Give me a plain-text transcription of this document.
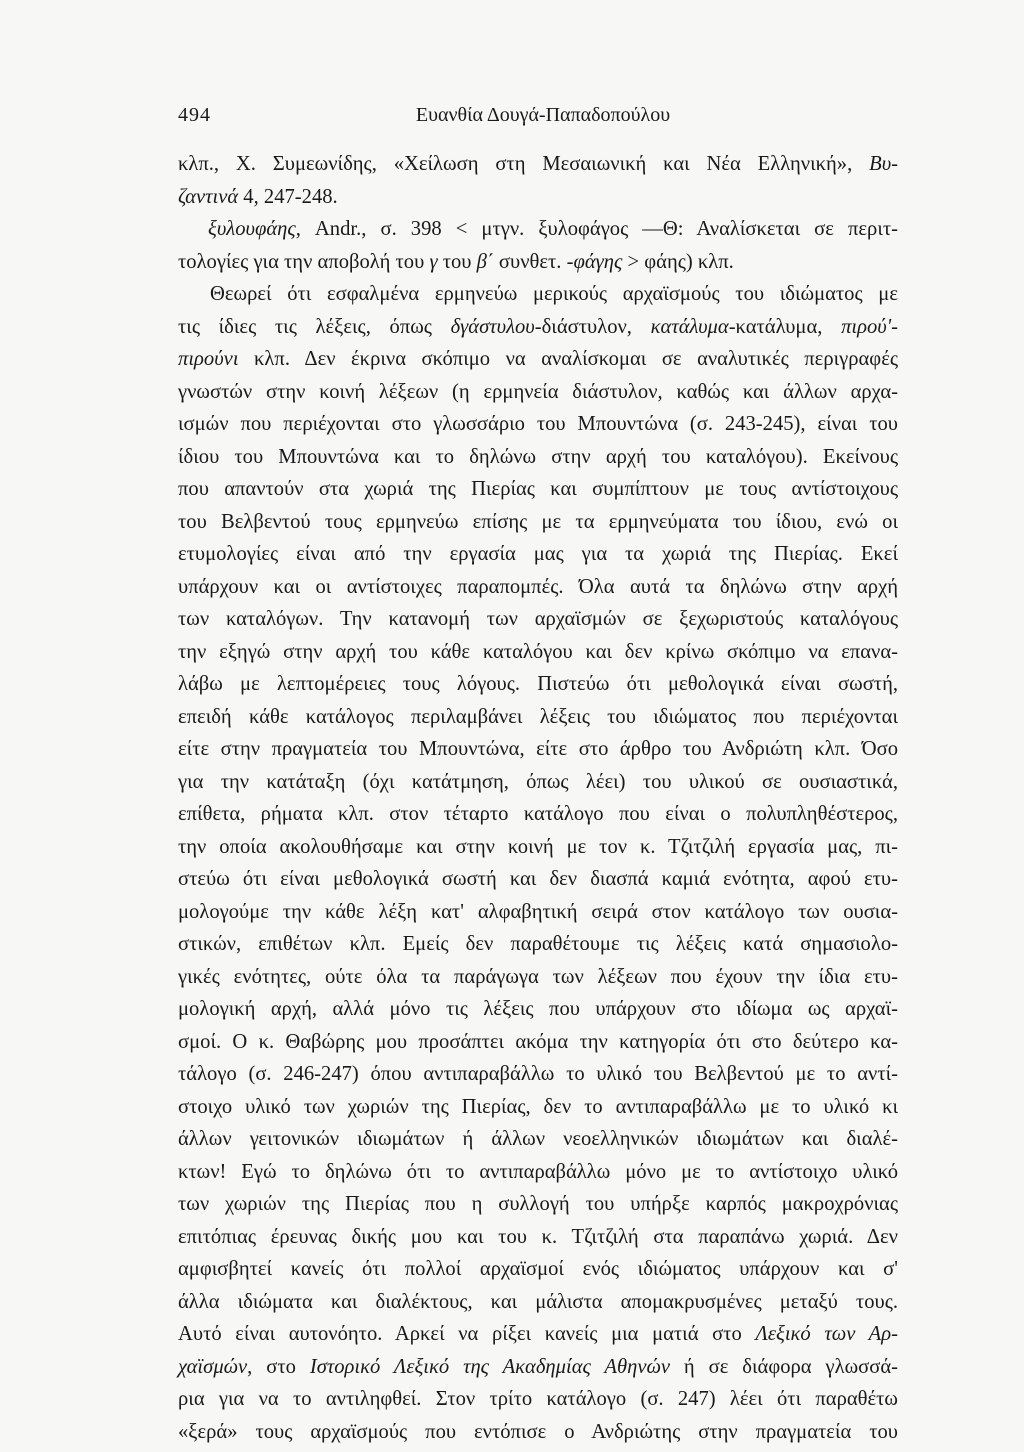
494	Ευανθία Δουγά-Παπαδοπούλου
κλπ., Χ. Συμεωνίδης, «Χείλωση στη Μεσαιωνική και Νέα Ελληνική», Βυ-
ζαντινά 4, 247-248.
ξυλουφάης, Andr., σ. 398 < μτγν. ξυλοφάγος —Θ: Αναλίσκεται σε περιτ-
τολογίες για την αποβολή του γ του β΄ συνθετ. -φάγης > φάης) κλπ.
Θεωρεί ότι εσφαλμένα ερμηνεύω μερικούς αρχαϊσμούς του ιδιώματος με
τις ίδιες τις λέξεις, όπως δγάστυλου-διάστυλον, κατάλυμα-κατάλυμα, πιρού'-
πιρούνι κλπ. Δεν έκρινα σκόπιμο να αναλίσκομαι σε αναλυτικές περιγραφές
γνωστών στην κοινή λέξεων (η ερμηνεία διάστυλον, καθώς και άλλων αρχα-
ισμών που περιέχονται στο γλωσσάριο του Μπουντώνα (σ. 243-245), είναι του
ίδιου του Μπουντώνα και το δηλώνω στην αρχή του καταλόγου). Εκείνους
που απαντούν στα χωριά της Πιερίας και συμπίπτουν με τους αντίστοιχους
του Βελβεντού τους ερμηνεύω επίσης με τα ερμηνεύματα του ίδιου, ενώ οι
ετυμολογίες είναι από την εργασία μας για τα χωριά της Πιερίας. Εκεί
υπάρχουν και οι αντίστοιχες παραπομπές. Όλα αυτά τα δηλώνω στην αρχή
των καταλόγων. Την κατανομή των αρχαϊσμών σε ξεχωριστούς καταλόγους
την εξηγώ στην αρχή του κάθε καταλόγου και δεν κρίνω σκόπιμο να επανα-
λάβω με λεπτομέρειες τους λόγους. Πιστεύω ότι μεθολογικά είναι σωστή,
επειδή κάθε κατάλογος περιλαμβάνει λέξεις του ιδιώματος που περιέχονται
είτε στην πραγματεία του Μπουντώνα, είτε στο άρθρο του Ανδριώτη κλπ. Όσο
για την κατάταξη (όχι κατάτμηση, όπως λέει) του υλικού σε ουσιαστικά,
επίθετα, ρήματα κλπ. στον τέταρτο κατάλογο που είναι ο πολυπληθέστερος,
την οποία ακολουθήσαμε και στην κοινή με τον κ. Τζιτζιλή εργασία μας, πι-
στεύω ότι είναι μεθολογικά σωστή και δεν διασπά καμιά ενότητα, αφού ετυ-
μολογούμε την κάθε λέξη κατ' αλφαβητική σειρά στον κατάλογο των ουσια-
στικών, επιθέτων κλπ. Εμείς δεν παραθέτουμε τις λέξεις κατά σημασιολο-
γικές ενότητες, ούτε όλα τα παράγωγα των λέξεων που έχουν την ίδια ετυ-
μολογική αρχή, αλλά μόνο τις λέξεις που υπάρχουν στο ιδίωμα ως αρχαϊ-
σμοί. Ο κ. Θαβώρης μου προσάπτει ακόμα την κατηγορία ότι στο δεύτερο κα-
τάλογο (σ. 246-247) όπου αντιπαραβάλλω το υλικό του Βελβεντού με το αντί-
στοιχο υλικό των χωριών της Πιερίας, δεν το αντιπαραβάλλω με το υλικό κι
άλλων γειτονικών ιδιωμάτων ή άλλων νεοελληνικών ιδιωμάτων και διαλέ-
κτων! Εγώ το δηλώνω ότι το αντιπαραβάλλω μόνο με το αντίστοιχο υλικό
των χωριών της Πιερίας που η συλλογή του υπήρξε καρπός μακροχρόνιας
επιτόπιας έρευνας δικής μου και του κ. Τζιτζιλή στα παραπάνω χωριά. Δεν
αμφισβητεί κανείς ότι πολλοί αρχαϊσμοί ενός ιδιώματος υπάρχουν και σ'
άλλα ιδιώματα και διαλέκτους, και μάλιστα απομακρυσμένες μεταξύ τους.
Αυτό είναι αυτονόητο. Αρκεί να ρίξει κανείς μια ματιά στο Λεξικό των Αρ-
χαϊσμών, στο Ιστορικό Λεξικό της Ακαδημίας Αθηνών ή σε διάφορα γλωσσά-
ρια για να το αντιληφθεί. Στον τρίτο κατάλογο (σ. 247) λέει ότι παραθέτω
«ξερά» τους αρχαϊσμούς που εντόπισε ο Ανδριώτης στην πραγματεία του
